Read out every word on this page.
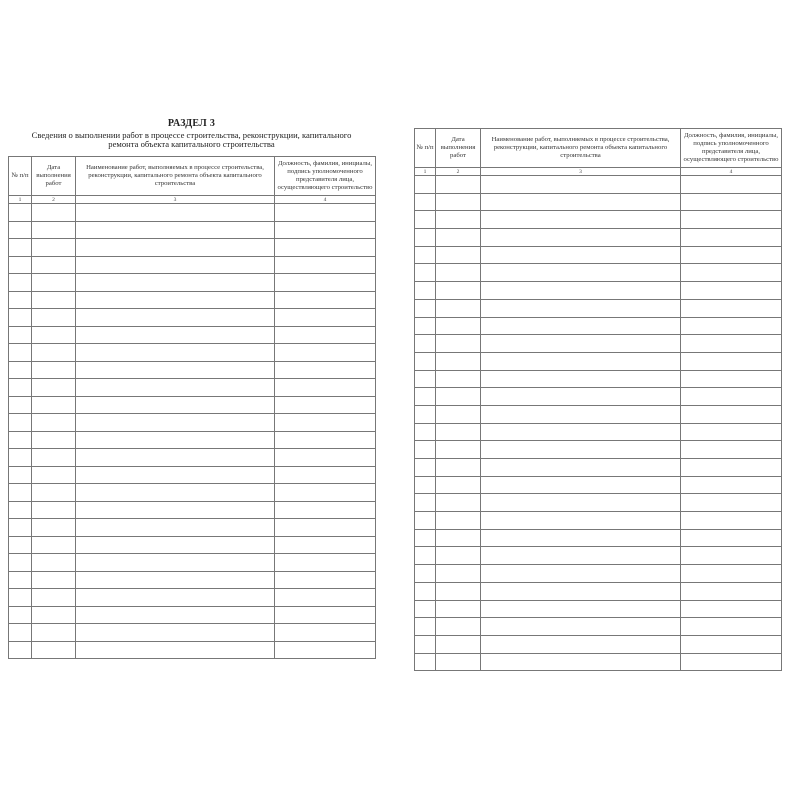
РАЗДЕЛ 3
Сведения о выполнении работ в процессе строительства, реконструкции, капитального ремонта объекта капитального строительства
№ п/п	Дата выполнения работ	Наименование работ, выполняемых в процессе строительства, реконструкции, капитального ремонта объекта капитального строительства	Должность, фамилия, инициалы, подпись уполномоченного представителя лица, осуществляющего строительство
1	2	3	4

№ п/п	Дата выполнения работ	Наименование работ, выполняемых в процессе строительства, реконструкции, капитального ремонта объекта капитального строительства	Должность, фамилия, инициалы, подпись уполномоченного представителя лица, осуществляющего строительство
1	2	3	4
